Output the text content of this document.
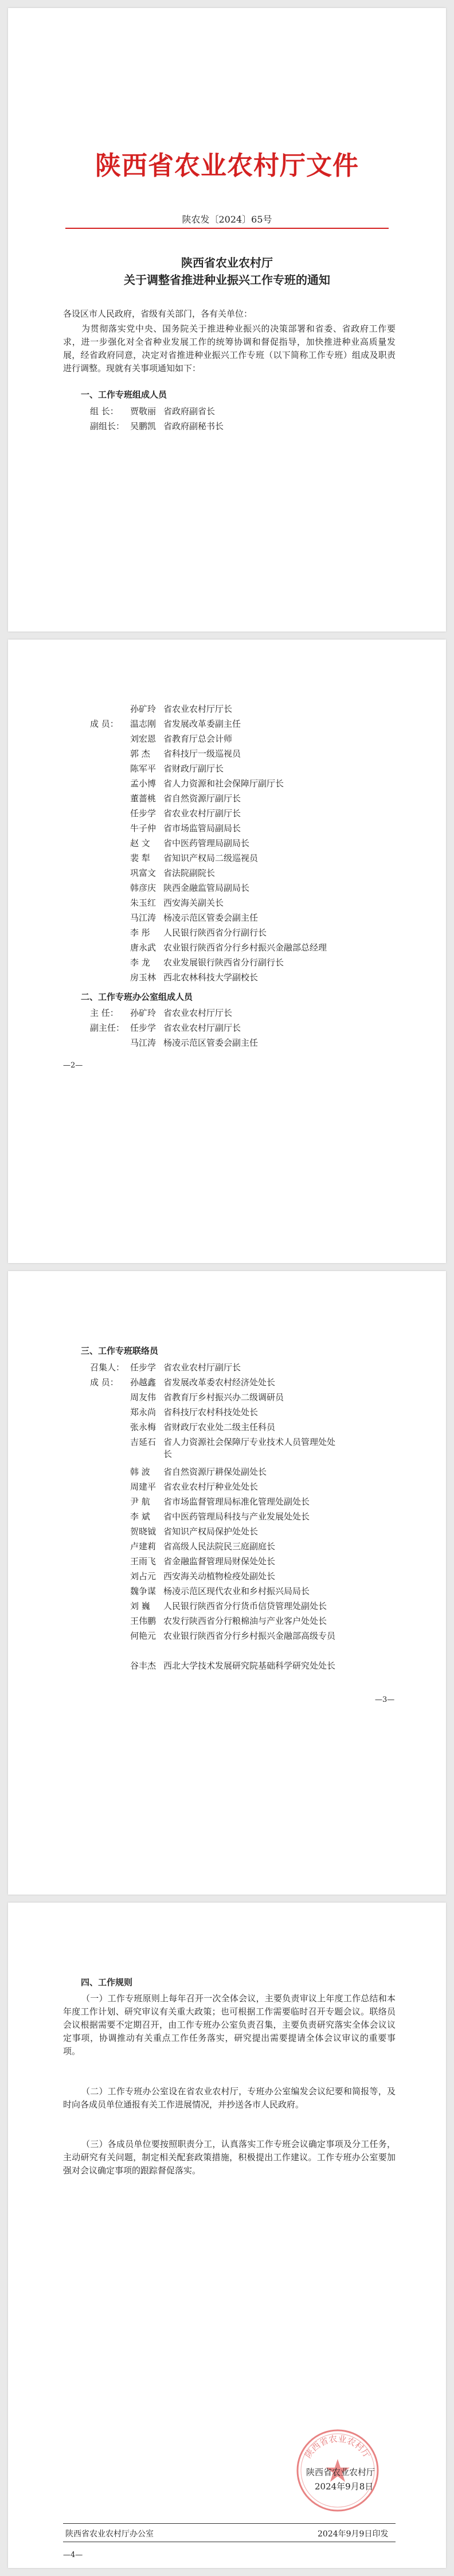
陕西省农业农村厅文件
陕农发〔2024〕65号
陕西省农业农村厅
关于调整省推进种业振兴工作专班的通知
各设区市人民政府，省级有关部门，各有关单位：
为贯彻落实党中央、国务院关于推进种业振兴的决策部署和省委、省政府工作要求，进一步强化对全省种业发展工作的统筹协调和督促指导，加快推进种业高质量发展，经省政府同意，决定对省推进种业振兴工作专班（以下简称工作专班）组成及职责进行调整。现就有关事项通知如下：
一、工作专班组成人员
组 长：	贾敬丽 省政府副省长
副组长： 吴鹏凯 省政府副秘书长
孙矿玲 省农业农村厅厅长
成 员：	温志刚 省发展改革委副主任
刘宏恩 省教育厅总会计师
郭 杰 省科技厅一级巡视员
陈军平 省财政厅副厅长
孟小博 省人力资源和社会保障厅副厅长
董蔷桃 省自然资源厅副厅长
任步学 省农业农村厅副厅长
牛子仲 省市场监管局副局长
赵 文 省中医药管理局副局长
裴 犁 省知识产权局二级巡视员
巩富文 省法院副院长
韩彦庆 陕西金融监管局副局长
朱玉红 西安海关副关长
马江涛 杨凌示范区管委会副主任
李 彤 人民银行陕西省分行副行长
唐永武 农业银行陕西省分行乡村振兴金融部总经理
李 龙 农业发展银行陕西省分行副行长
房玉林 西北农林科技大学副校长
二、工作专班办公室组成人员
主 任：	孙矿玲 省农业农村厅厅长
副主任： 任步学 省农业农村厅副厅长
马江涛 杨凌示范区管委会副主任
—2—
三、工作专班联络员
召集人： 任步学 省农业农村厅副厅长
成 员：	孙越鑫 省发展改革委农村经济处处长
周友伟 省教育厅乡村振兴办二级调研员
郑永尚 省科技厅农村科技处处长
张永梅 省财政厅农业处二级主任科员
吉延石 省人力资源社会保障厅专业技术人员管理处处长
韩 波 省自然资源厅耕保处副处长
周建平 省农业农村厅种业处处长
尹 航 省市场监督管理局标准化管理处副处长
李 斌 省中医药管理局科技与产业发展处处长
贺晓钺 省知识产权局保护处处长
卢建莉 省高级人民法院民三庭副庭长
王雨飞 省金融监督管理局财保处处长
刘占元 西安海关动植物检疫处副处长
魏争谋 杨凌示范区现代农业和乡村振兴局局长
刘 巍 人民银行陕西省分行货币信贷管理处副处长
王伟鹏 农发行陕西省分行粮棉油与产业客户处处长
何艳元 农业银行陕西省分行乡村振兴金融部高级专员
谷丰杰 西北大学技术发展研究院基础科学研究处处长
—3—
四、工作规则
（一）工作专班原则上每年召开一次全体会议，主要负责审议上年度工作总结和本年度工作计划、研究审议有关重大政策；也可根据工作需要临时召开专题会议。联络员会议根据需要不定期召开，由工作专班办公室负责召集，主要负责研究落实全体会议议定事项，协调推动有关重点工作任务落实，研究提出需要提请全体会议审议的重要事项。
（二）工作专班办公室设在省农业农村厅，专班办公室编发会议纪要和简报等，及时向各成员单位通报有关工作进展情况，并抄送各市人民政府。
（三）各成员单位要按照职责分工，认真落实工作专班会议确定事项及分工任务，主动研究有关问题，制定相关配套政策措施，积极提出工作建议。工作专班办公室要加强对会议确定事项的跟踪督促落实。
陕西省农业农村厅
陕西省农业农村厅
2024年9月8日
陕西省农业农村厅办公室	2024年9月9日印发
—4—
